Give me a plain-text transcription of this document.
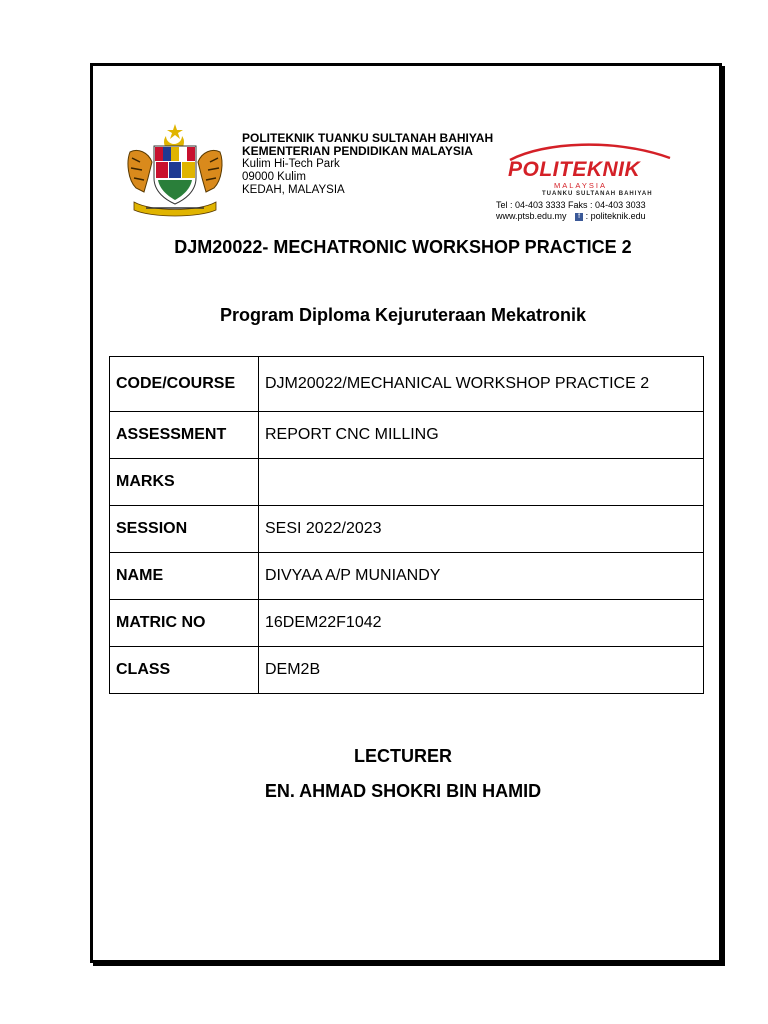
POLITEKNIK TUANKU SULTANAH BAHIYAH
KEMENTERIAN PENDIDIKAN MALAYSIA
Kulim Hi-Tech Park
09000 Kulim
KEDAH, MALAYSIA
POLITEKNIK
MALAYSIA
TUANKU SULTANAH BAHIYAH
Tel : 04-403 3333 Faks : 04-403 3033
www.ptsb.edu.my f : politeknik.edu
DJM20022- MECHATRONIC WORKSHOP PRACTICE 2
Program Diploma Kejuruteraan Mekatronik
CODE/COURSE	DJM20022/MECHANICAL WORKSHOP PRACTICE 2
ASSESSMENT	REPORT CNC MILLING
MARKS	
SESSION	SESI 2022/2023
NAME	DIVYAA A/P MUNIANDY
MATRIC NO	16DEM22F1042
CLASS	DEM2B
LECTURER
EN. AHMAD SHOKRI BIN HAMID
